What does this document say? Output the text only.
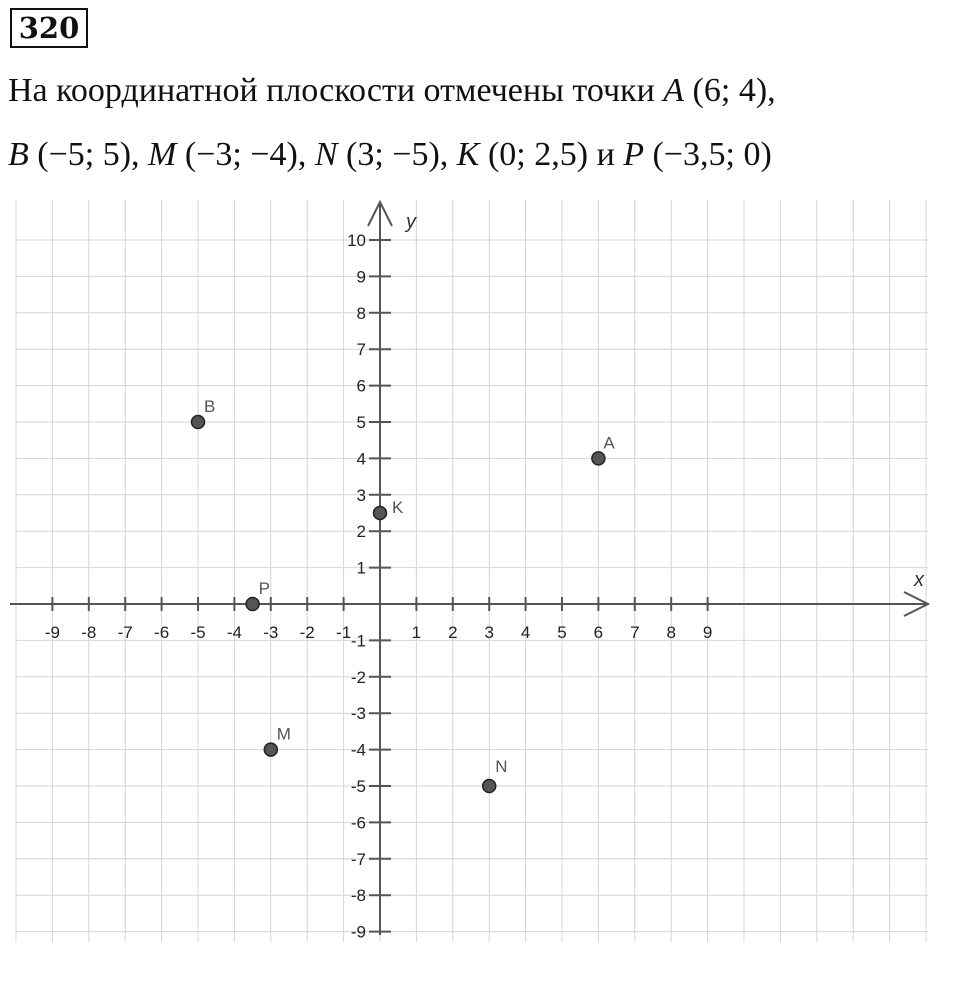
320
На координатной плоскости отмечены точки A (6; 4),
B (−5; 5), M (−3; −4), N (3; −5), K (0; 2,5) и P (−3,5; 0)
x
y
-9 -8 -7 -6 -5 -4 -3 -2 -1	1 2 3 4 5 6 7 8 9
-9
-8
-7
-6
-5
-4
-3
-2
-1
1
2
3
4
5
6
7
8
9
10
A
B
M
N
K
P
